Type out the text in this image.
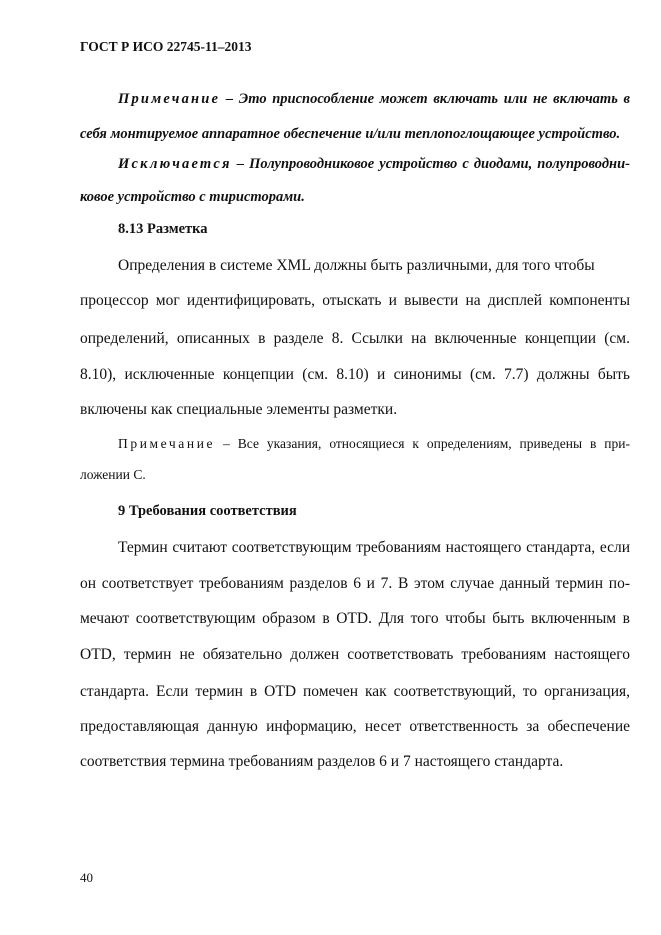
ГОСТ Р ИСО 22745-11–2013
Примечание – Это приспособление может включать или не включать в
себя монтируемое аппаратное обеспечение и/или теплопоглощающее устройство.
Исключается – Полупроводниковое устройство с диодами, полупроводни-
ковое устройство с тиристорами.
8.13 Разметка
Определения в системе XML должны быть различными, для того чтобы
процессор мог идентифицировать, отыскать и вывести на дисплей компоненты
определений, описанных в разделе 8. Ссылки на включенные концепции (см.
8.10), исключенные концепции (см. 8.10) и синонимы (см. 7.7) должны быть
включены как специальные элементы разметки.
Примечание – Все указания, относящиеся к определениям, приведены в при-
ложении С.
9 Требования соответствия
Термин считают соответствующим требованиям настоящего стандарта, если
он соответствует требованиям разделов 6 и 7. В этом случае данный термин по-
мечают соответствующим образом в OTD. Для того чтобы быть включенным в
OTD, термин не обязательно должен соответствовать требованиям настоящего
стандарта. Если термин в OTD помечен как соответствующий, то организация,
предоставляющая данную информацию, несет ответственность за обеспечение
соответствия термина требованиям разделов 6 и 7 настоящего стандарта.
40
